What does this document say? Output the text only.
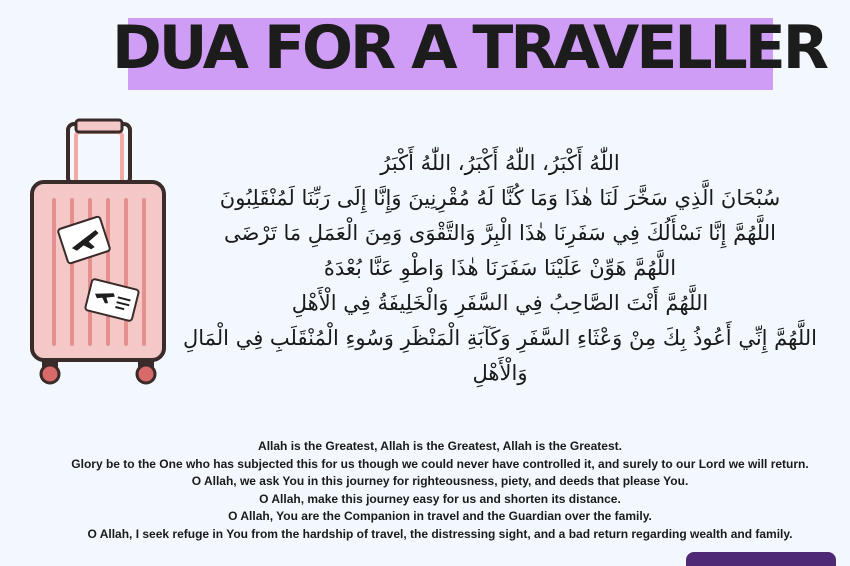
DUA FOR A TRAVELLER
اللّٰهُ أَكْبَرُ، اللّٰهُ أَكْبَرُ، اللّٰهُ أَكْبَرُ
سُبْحَانَ الَّذِي سَخَّرَ لَنَا هٰذَا وَمَا كُنَّا لَهُ مُقْرِنِينَ وَإِنَّا إِلَى رَبِّنَا لَمُنْقَلِبُونَ
اللَّهُمَّ إِنَّا نَسْأَلُكَ فِي سَفَرِنَا هٰذَا الْبِرَّ وَالتَّقْوَى وَمِنَ الْعَمَلِ مَا تَرْضَى
اللَّهُمَّ هَوِّنْ عَلَيْنَا سَفَرَنَا هٰذَا وَاطْوِ عَنَّا بُعْدَهُ
اللَّهُمَّ أَنْتَ الصَّاحِبُ فِي السَّفَرِ وَالْخَلِيفَةُ فِي الْأَهْلِ
اللَّهُمَّ إِنِّي أَعُوذُ بِكَ مِنْ وَعْثَاءِ السَّفَرِ وَكَآبَةِ الْمَنْظَرِ وَسُوءِ الْمُنْقَلَبِ فِي الْمَالِ
وَالْأَهْلِ
Allah is the Greatest, Allah is the Greatest, Allah is the Greatest.
Glory be to the One who has subjected this for us though we could never have controlled it, and surely to our Lord we will return.
O Allah, we ask You in this journey for righteousness, piety, and deeds that please You.
O Allah, make this journey easy for us and shorten its distance.
O Allah, You are the Companion in travel and the Guardian over the family.
O Allah, I seek refuge in You from the hardship of travel, the distressing sight, and a bad return regarding wealth and family.
